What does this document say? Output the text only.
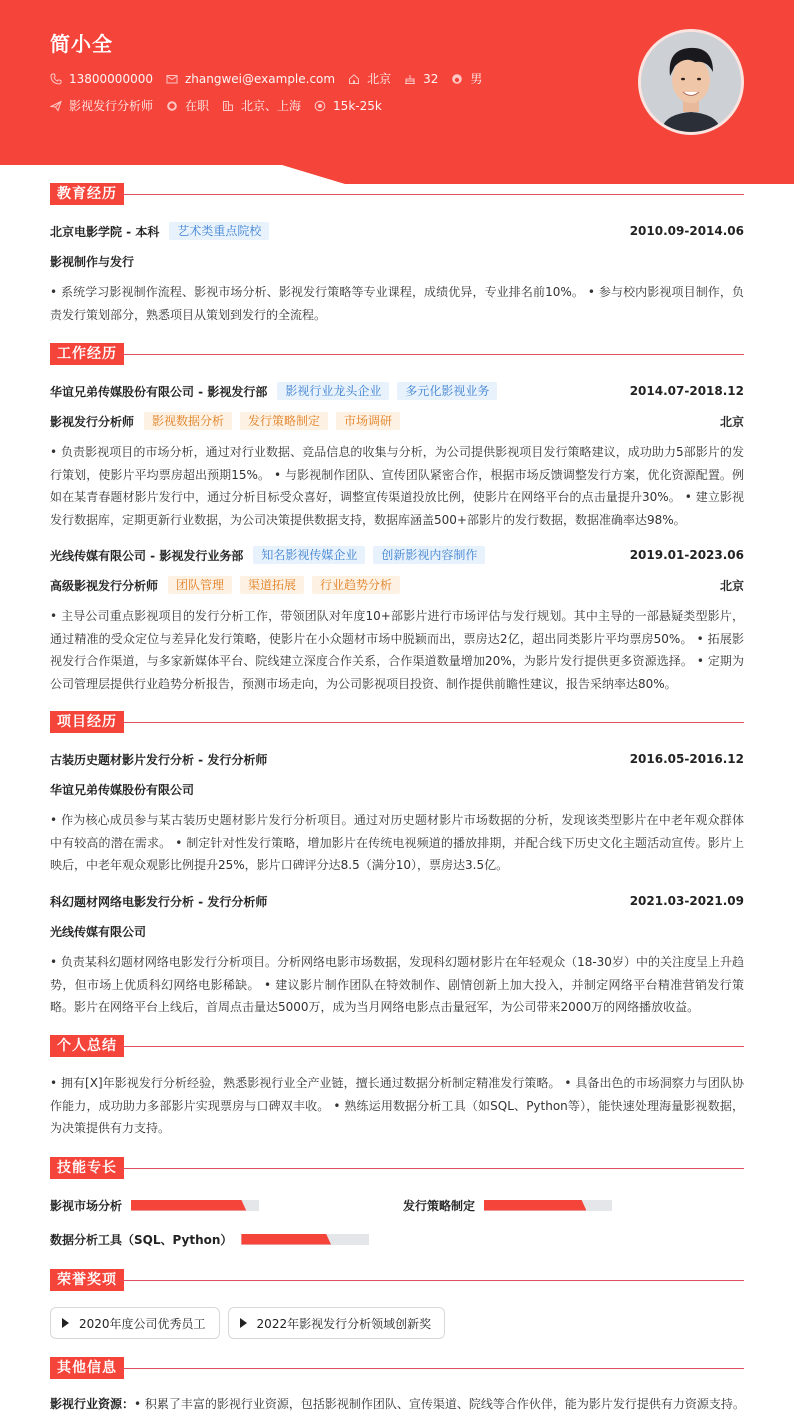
简小全
13800000000	zhangwei@example.com	北京	32	男
影视发行分析师	在职	北京、上海	15k-25k
教育经历
北京电影学院 - 本科	艺术类重点院校	2010.09-2014.06
影视制作与发行
• 系统学习影视制作流程、影视市场分析、影视发行策略等专业课程，成绩优异，专业排名前10%。 • 参与校内影视项目制作，负责发行策划部分，熟悉项目从策划到发行的全流程。
工作经历
华谊兄弟传媒股份有限公司 - 影视发行部	影视行业龙头企业	多元化影视业务	2014.07-2018.12
影视发行分析师	影视数据分析	发行策略制定	市场调研	北京
• 负责影视项目的市场分析，通过对行业数据、竞品信息的收集与分析，为公司提供影视项目发行策略建议，成功助力5部影片的发行策划，使影片平均票房超出预期15%。 • 与影视制作团队、宣传团队紧密合作，根据市场反馈调整发行方案，优化资源配置。例如在某青春题材影片发行中，通过分析目标受众喜好，调整宣传渠道投放比例，使影片在网络平台的点击量提升30%。 • 建立影视发行数据库，定期更新行业数据，为公司决策提供数据支持，数据库涵盖500+部影片的发行数据，数据准确率达98%。
光线传媒有限公司 - 影视发行业务部	知名影视传媒企业	创新影视内容制作	2019.01-2023.06
高级影视发行分析师	团队管理	渠道拓展	行业趋势分析	北京
• 主导公司重点影视项目的发行分析工作，带领团队对年度10+部影片进行市场评估与发行规划。其中主导的一部悬疑类型影片，通过精准的受众定位与差异化发行策略，使影片在小众题材市场中脱颖而出，票房达2亿，超出同类影片平均票房50%。 • 拓展影视发行合作渠道，与多家新媒体平台、院线建立深度合作关系，合作渠道数量增加20%，为影片发行提供更多资源选择。 • 定期为公司管理层提供行业趋势分析报告，预测市场走向，为公司影视项目投资、制作提供前瞻性建议，报告采纳率达80%。
项目经历
古装历史题材影片发行分析 - 发行分析师	2016.05-2016.12
华谊兄弟传媒股份有限公司
• 作为核心成员参与某古装历史题材影片发行分析项目。通过对历史题材影片市场数据的分析，发现该类型影片在中老年观众群体中有较高的潜在需求。 • 制定针对性发行策略，增加影片在传统电视频道的播放排期，并配合线下历史文化主题活动宣传。影片上映后，中老年观众观影比例提升25%，影片口碑评分达8.5（满分10），票房达3.5亿。
科幻题材网络电影发行分析 - 发行分析师	2021.03-2021.09
光线传媒有限公司
• 负责某科幻题材网络电影发行分析项目。分析网络电影市场数据，发现科幻题材影片在年轻观众（18-30岁）中的关注度呈上升趋势，但市场上优质科幻网络电影稀缺。 • 建议影片制作团队在特效制作、剧情创新上加大投入，并制定网络平台精准营销发行策略。影片在网络平台上线后，首周点击量达5000万，成为当月网络电影点击量冠军，为公司带来2000万的网络播放收益。
个人总结
• 拥有[X]年影视发行分析经验，熟悉影视行业全产业链，擅长通过数据分析制定精准发行策略。 • 具备出色的市场洞察力与团队协作能力，成功助力多部影片实现票房与口碑双丰收。 • 熟练运用数据分析工具（如SQL、Python等），能快速处理海量影视数据，为决策提供有力支持。
技能专长
影视市场分析	发行策略制定
数据分析工具（SQL、Python）
荣誉奖项
2020年度公司优秀员工	2022年影视发行分析领域创新奖
其他信息
影视行业资源：• 积累了丰富的影视行业资源，包括影视制作团队、宣传渠道、院线等合作伙伴，能为影片发行提供有力资源支持。
